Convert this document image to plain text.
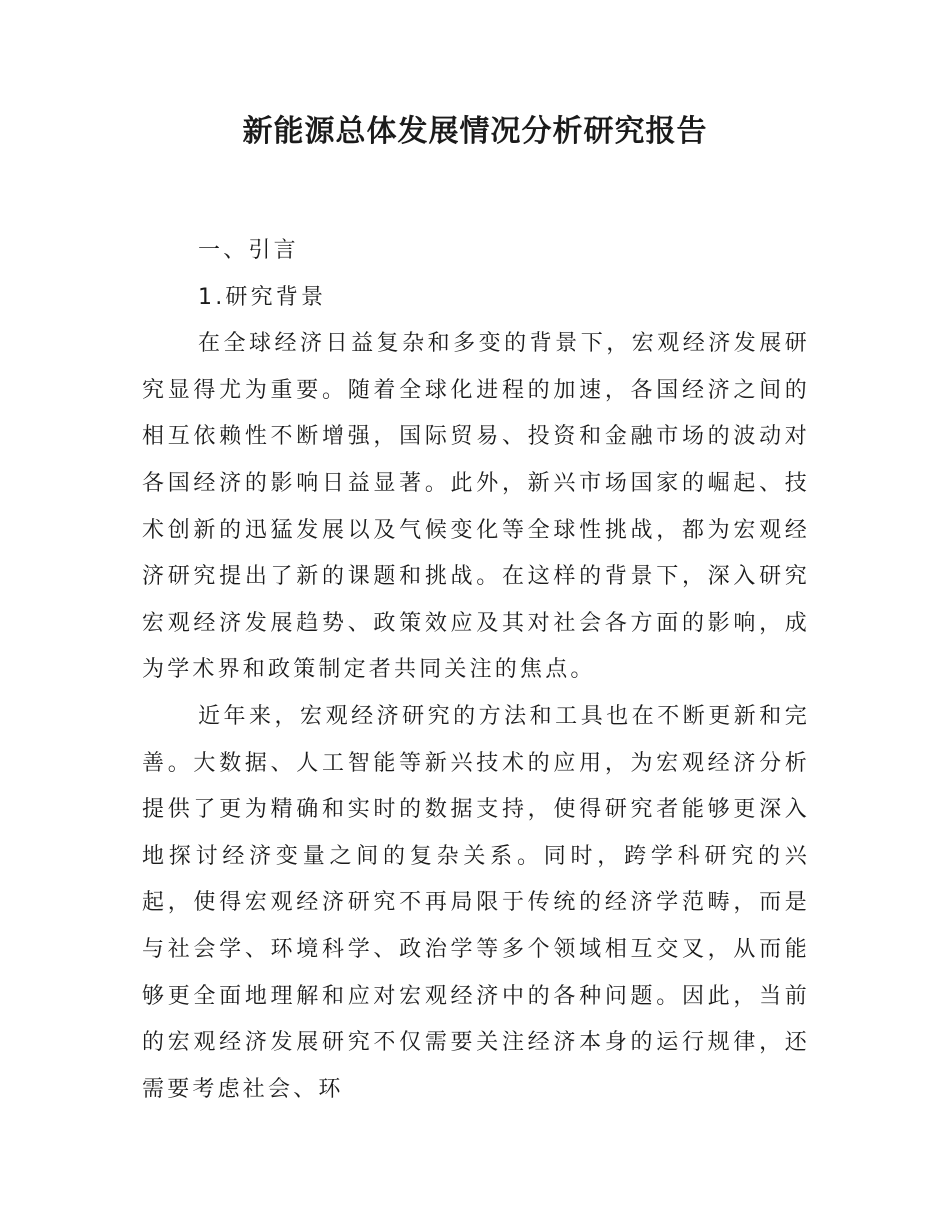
新能源总体发展情况分析研究报告

一、引言

1.研究背景

在全球经济日益复杂和多变的背景下，宏观经济发展研究显得尤为重要。随着全球化进程的加速，各国经济之间的相互依赖性不断增强，国际贸易、投资和金融市场的波动对各国经济的影响日益显著。此外，新兴市场国家的崛起、技术创新的迅猛发展以及气候变化等全球性挑战，都为宏观经济研究提出了新的课题和挑战。在这样的背景下，深入研究宏观经济发展趋势、政策效应及其对社会各方面的影响，成为学术界和政策制定者共同关注的焦点。

近年来，宏观经济研究的方法和工具也在不断更新和完善。大数据、人工智能等新兴技术的应用，为宏观经济分析提供了更为精确和实时的数据支持，使得研究者能够更深入地探讨经济变量之间的复杂关系。同时，跨学科研究的兴起，使得宏观经济研究不再局限于传统的经济学范畴，而是与社会学、环境科学、政治学等多个领域相互交叉，从而能够更全面地理解和应对宏观经济中的各种问题。因此，当前的宏观经济发展研究不仅需要关注经济本身的运行规律，还需要考虑社会、环
